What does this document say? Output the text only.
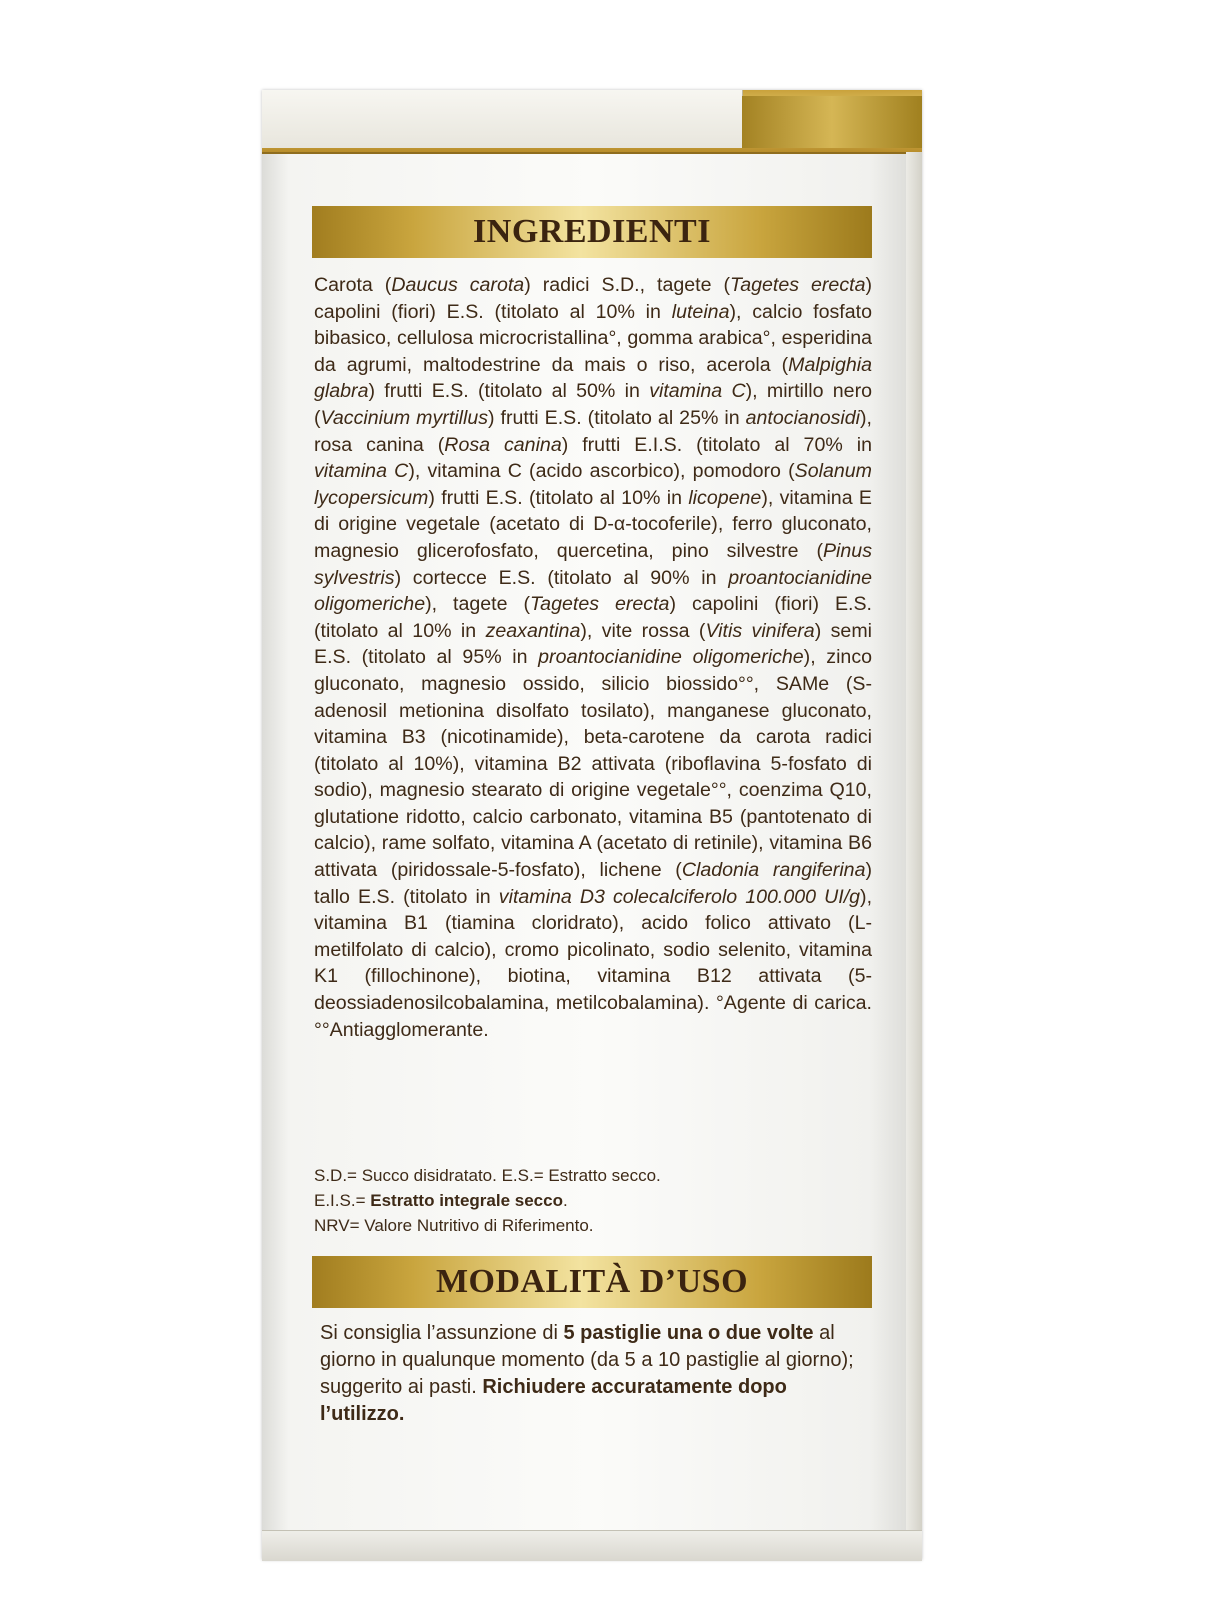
INGREDIENTI
Carota (Daucus carota) radici S.D., tagete (Tagetes erecta) capolini (fiori) E.S. (titolato al 10% in luteina), calcio fosfato bibasico, cellulosa microcristallina°, gomma arabica°, esperidina da agrumi, maltodestrine da mais o riso, acerola (Malpighia glabra) frutti E.S. (titolato al 50% in vitamina C), mirtillo nero (Vaccinium myrtillus) frutti E.S. (titolato al 25% in antocianosidi), rosa canina (Rosa canina) frutti E.I.S. (titolato al 70% in vitamina C), vitamina C (acido ascorbico), pomodoro (Solanum lycopersicum) frutti E.S. (titolato al 10% in licopene), vitamina E di origine vegetale (acetato di D-α-tocoferile), ferro gluconato, magnesio glicerofosfato, quercetina, pino silvestre (Pinus sylvestris) cortecce E.S. (titolato al 90% in proantocianidine oligomeriche), tagete (Tagetes erecta) capolini (fiori) E.S. (titolato al 10% in zeaxantina), vite rossa (Vitis vinifera) semi E.S. (titolato al 95% in proantocianidine oligomeriche), zinco gluconato, magnesio ossido, silicio biossido°°, SAMe (S-adenosil metionina disolfato tosilato), manganese gluconato, vitamina B3 (nicotinamide), beta-carotene da carota radici (titolato al 10%), vitamina B2 attivata (riboflavina 5-fosfato di sodio), magnesio stearato di origine vegetale°°, coenzima Q10, glutatione ridotto, calcio carbonato, vitamina B5 (pantotenato di calcio), rame solfato, vitamina A (acetato di retinile), vitamina B6 attivata (piridossale-5-fosfato), lichene (Cladonia rangiferina) tallo E.S. (titolato in vitamina D3 colecalciferolo 100.000 UI/g), vitamina B1 (tiamina cloridrato), acido folico attivato (L-metilfolato di calcio), cromo picolinato, sodio selenito, vitamina K1 (fillochinone), biotina, vitamina B12 attivata (5-deossiadenosilcobalamina, metilcobalamina). °Agente di carica. °°Antiagglomerante.
S.D.= Succo disidratato. E.S.= Estratto secco.
E.I.S.= Estratto integrale secco.
NRV= Valore Nutritivo di Riferimento.
MODALITÀ D’USO
Si consiglia l’assunzione di 5 pastiglie una o due volte al giorno in qualunque momento (da 5 a 10 pastiglie al giorno); suggerito ai pasti. Richiudere accuratamente dopo l’utilizzo.
